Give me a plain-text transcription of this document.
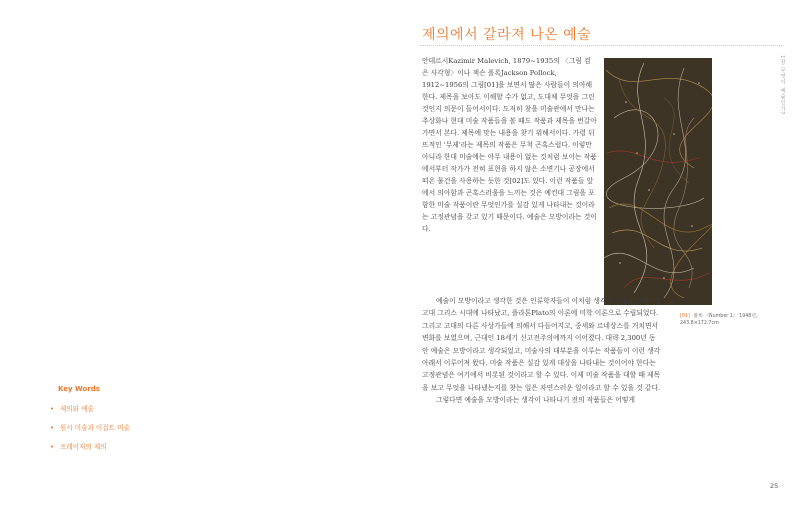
제의에서 갈라져 나온 예술
1장 무엇이 예술인가?

안데르시Kazimir Malevich, 1879~1935의 〈그림 검은 사각형〉이나 잭슨 폴록Jackson Pollock, 1912~1956의 그림[01]을 보면서 많은 사람들이 의아해 한다. 제목을 보아도 이해할 수가 없고, 도대체 무엇을 그린 것인지 의문이 들어서이다. 도저히 찾을 미술관에서 만나는 추상화나 현대 미술 작품들을 볼 때도 작품과 제목을 번갈아 가면서 본다. 제목에 맞는 내용을 찾기 위해서이다. 가령 뒤뜨적인 '무제'라는 제목의 작품은 무척 곤혹스럽다. 이렇만 아니라 한대 미술에는 아무 내용이 없는 것처럼 보이는 작품에서부터 작가가 전혀 표현을 하지 않은 소변기나 공장에서 떠온 물건을 사용하는 듯한 것[02]도 있다. 이런 작품들 앞에서 의아함과 곤혹스러움을 느끼는 것은 예컨대 그림을 포함한 미술 작품이란 무엇인가를 실감 있게 나타내는 것이라는 고정관념을 갖고 있기 때문이다. 예술은 모방이라는 것이다.

[01] 폴록 〈Number 1〉 1948년, 243.8×172.7cm

예술이 모방이라고 생각한 것은 인류학자들이 이처럼 생각은 기원전 5세기경 고대 그리스 시대에 나타났고, 플라톤Plato의 이론에 미학 이론으로 수립되었다. 그리고 고대의 다른 사상가들에 의해서 다듬어지고, 중세와 르네상스를 거치면서 변화를 보였으며, 근대인 18세기 신고전주의에까지 이어졌다. 대략 2,300년 동안 예술은 모방이라고 생각되었고, 미술사의 대부분을 이루는 작품들이 이런 생각 아래서 이루어져 왔다. 미술 작품은 실감 있게 대상을 나타내는 것이어야 한다는 고정관념은 여기에서 비롯된 것이라고 할 수 있다. 이제 미술 작품을 대할 때 제목을 보고 무엇을 나타냈는지를 찾는 일은 자연스러운 일이라고 할 수 있을 것 같다.

그렇다면 예술을 모방이라는 생각이 나타나기 전의 작품들은 어떻게

Key Words
• 제의와 예술
• 원시 미술과 이집트 미술
• 프레이저의 제의
25
